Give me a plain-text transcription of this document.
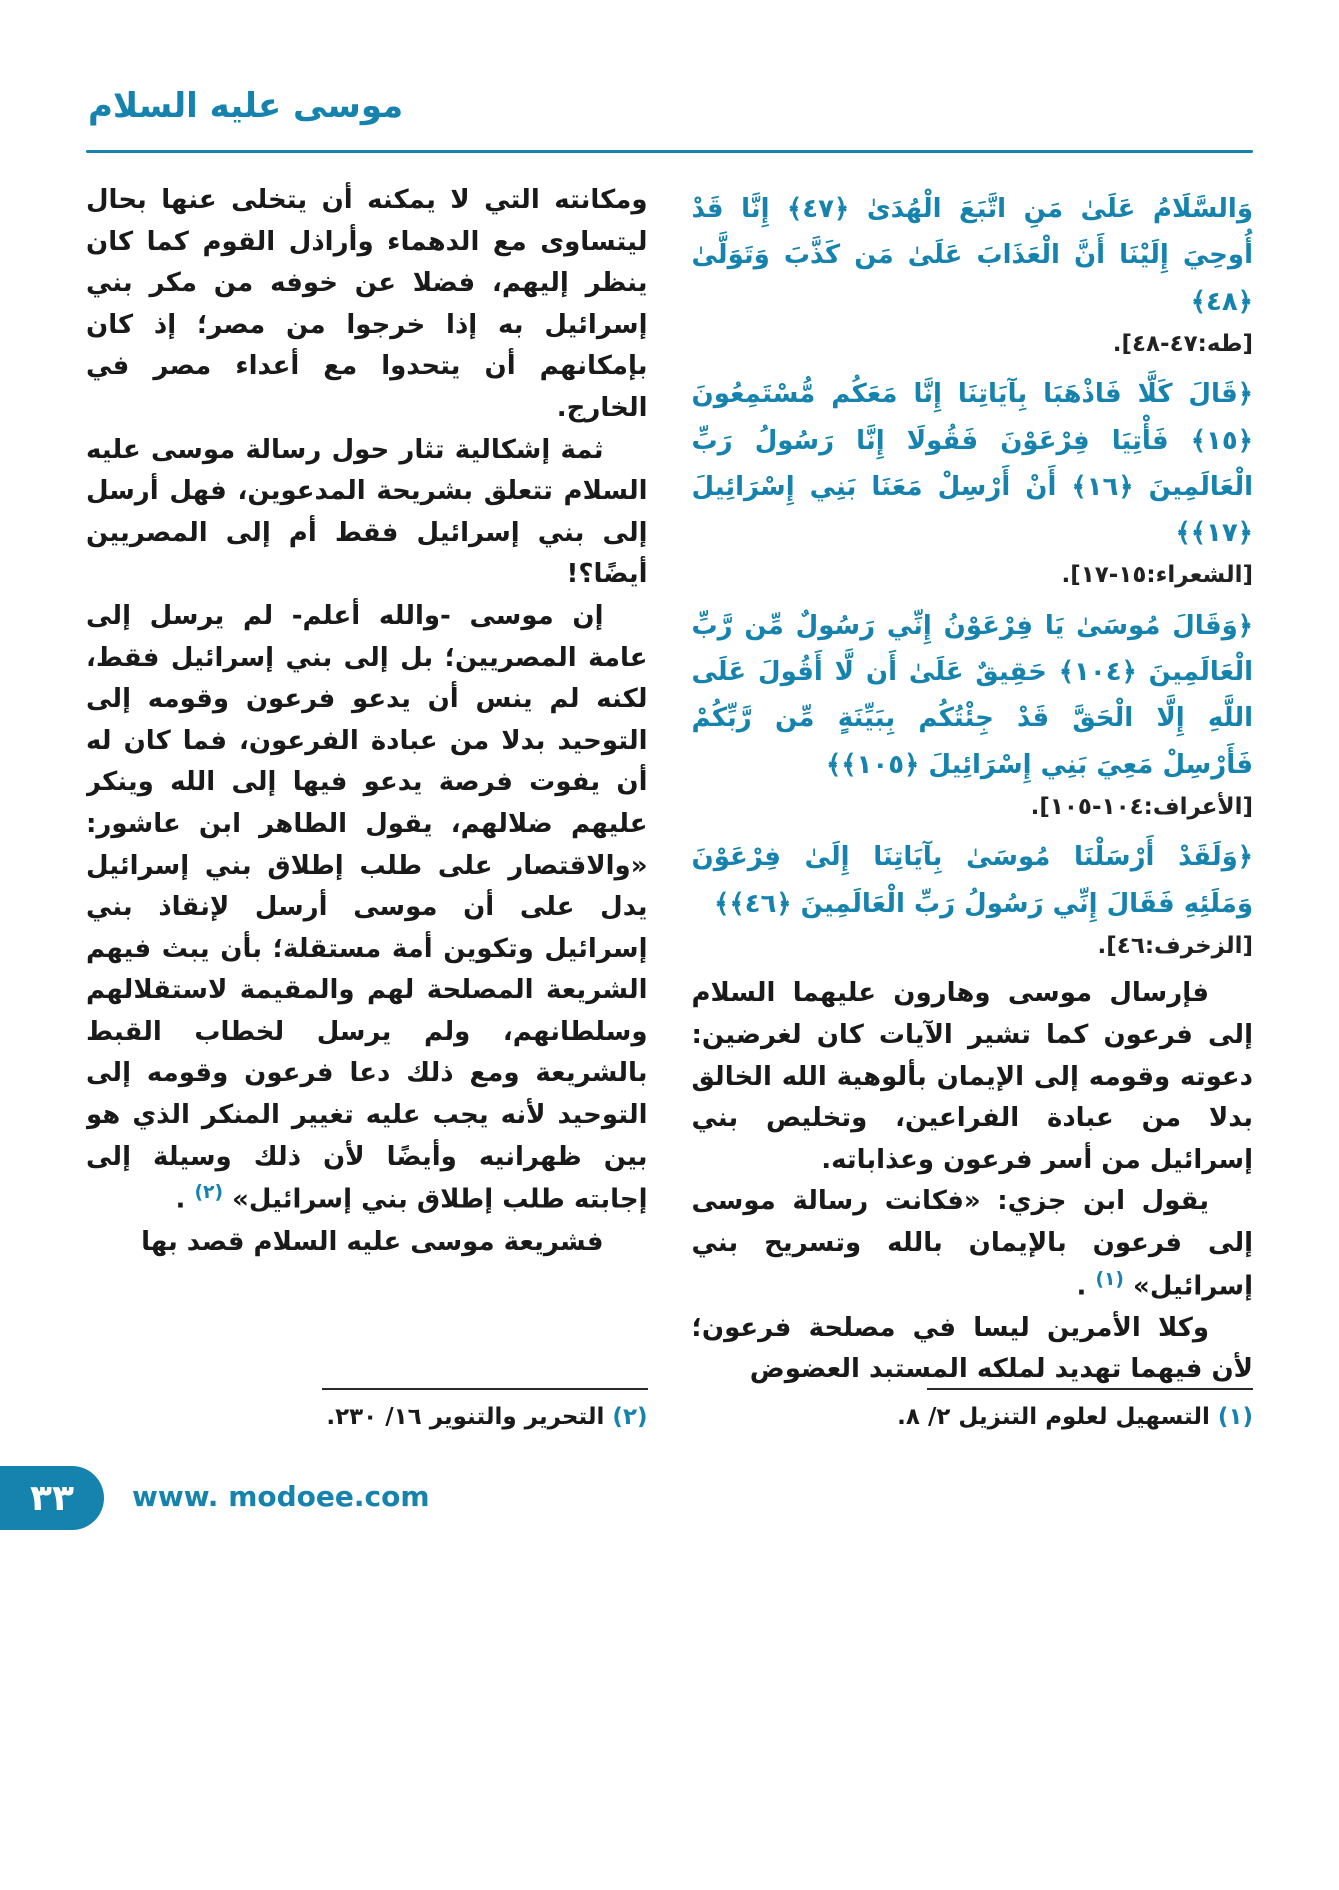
موسى عليه السلام

وَالسَّلَامُ عَلَىٰ مَنِ اتَّبَعَ الْهُدَىٰ ﴿٤٧﴾ إِنَّا قَدْ أُوحِيَ إِلَيْنَا أَنَّ الْعَذَابَ عَلَىٰ مَن كَذَّبَ وَتَوَلَّىٰ ﴿٤٨﴾

[طه:٤٧-٤٨].

﴿قَالَ كَلَّا فَاذْهَبَا بِآيَاتِنَا إِنَّا مَعَكُم مُّسْتَمِعُونَ ﴿١٥﴾ فَأْتِيَا فِرْعَوْنَ فَقُولَا إِنَّا رَسُولُ رَبِّ الْعَالَمِينَ ﴿١٦﴾ أَنْ أَرْسِلْ مَعَنَا بَنِي إِسْرَائِيلَ ﴿١٧﴾﴾

[الشعراء:١٥-١٧].

﴿وَقَالَ مُوسَىٰ يَا فِرْعَوْنُ إِنِّي رَسُولٌ مِّن رَّبِّ الْعَالَمِينَ ﴿١٠٤﴾ حَقِيقٌ عَلَىٰ أَن لَّا أَقُولَ عَلَى اللَّهِ إِلَّا الْحَقَّ قَدْ جِئْتُكُم بِبَيِّنَةٍ مِّن رَّبِّكُمْ فَأَرْسِلْ مَعِيَ بَنِي إِسْرَائِيلَ ﴿١٠٥﴾﴾

[الأعراف:١٠٤-١٠٥].

﴿وَلَقَدْ أَرْسَلْنَا مُوسَىٰ بِآيَاتِنَا إِلَىٰ فِرْعَوْنَ وَمَلَئِهِ فَقَالَ إِنِّي رَسُولُ رَبِّ الْعَالَمِينَ ﴿٤٦﴾﴾

[الزخرف:٤٦].

فإرسال موسى وهارون عليهما السلام إلى فرعون كما تشير الآيات كان لغرضين: دعوته وقومه إلى الإيمان بألوهية الله الخالق بدلا من عبادة الفراعين، وتخليص بني إسرائيل من أسر فرعون وعذاباته.

يقول ابن جزي: «فكانت رسالة موسى إلى فرعون بالإيمان بالله وتسريح بني إسرائيل» $^{(١)}$ .

وكلا الأمرين ليسا في مصلحة فرعون؛ لأن فيهما تهديد لملكه المستبد العضوض

ومكانته التي لا يمكنه أن يتخلى عنها بحال ليتساوى مع الدهماء وأراذل القوم كما كان ينظر إليهم، فضلا عن خوفه من مكر بني إسرائيل به إذا خرجوا من مصر؛ إذ كان بإمكانهم أن يتحدوا مع أعداء مصر في الخارج.

ثمة إشكالية تثار حول رسالة موسى عليه السلام تتعلق بشريحة المدعوين، فهل أرسل إلى بني إسرائيل فقط أم إلى المصريين أيضًا؟!

إن موسى -والله أعلم- لم يرسل إلى عامة المصريين؛ بل إلى بني إسرائيل فقط، لكنه لم ينس أن يدعو فرعون وقومه إلى التوحيد بدلا من عبادة الفرعون، فما كان له أن يفوت فرصة يدعو فيها إلى الله وينكر عليهم ضلالهم، يقول الطاهر ابن عاشور: «والاقتصار على طلب إطلاق بني إسرائيل يدل على أن موسى أرسل لإنقاذ بني إسرائيل وتكوين أمة مستقلة؛ بأن يبث فيهم الشريعة المصلحة لهم والمقيمة لاستقلالهم وسلطانهم، ولم يرسل لخطاب القبط بالشريعة ومع ذلك دعا فرعون وقومه إلى التوحيد لأنه يجب عليه تغيير المنكر الذي هو بين ظهرانيه وأيضًا لأن ذلك وسيلة إلى إجابته طلب إطلاق بني إسرائيل» $^{(٢)}$ .

فشريعة موسى عليه السلام قصد بها

(١) التسهيل لعلوم التنزيل ٢/ ٨.
(٢) التحرير والتنوير ١٦/ ٢٣٠.
٣٣ www. modoee.com
